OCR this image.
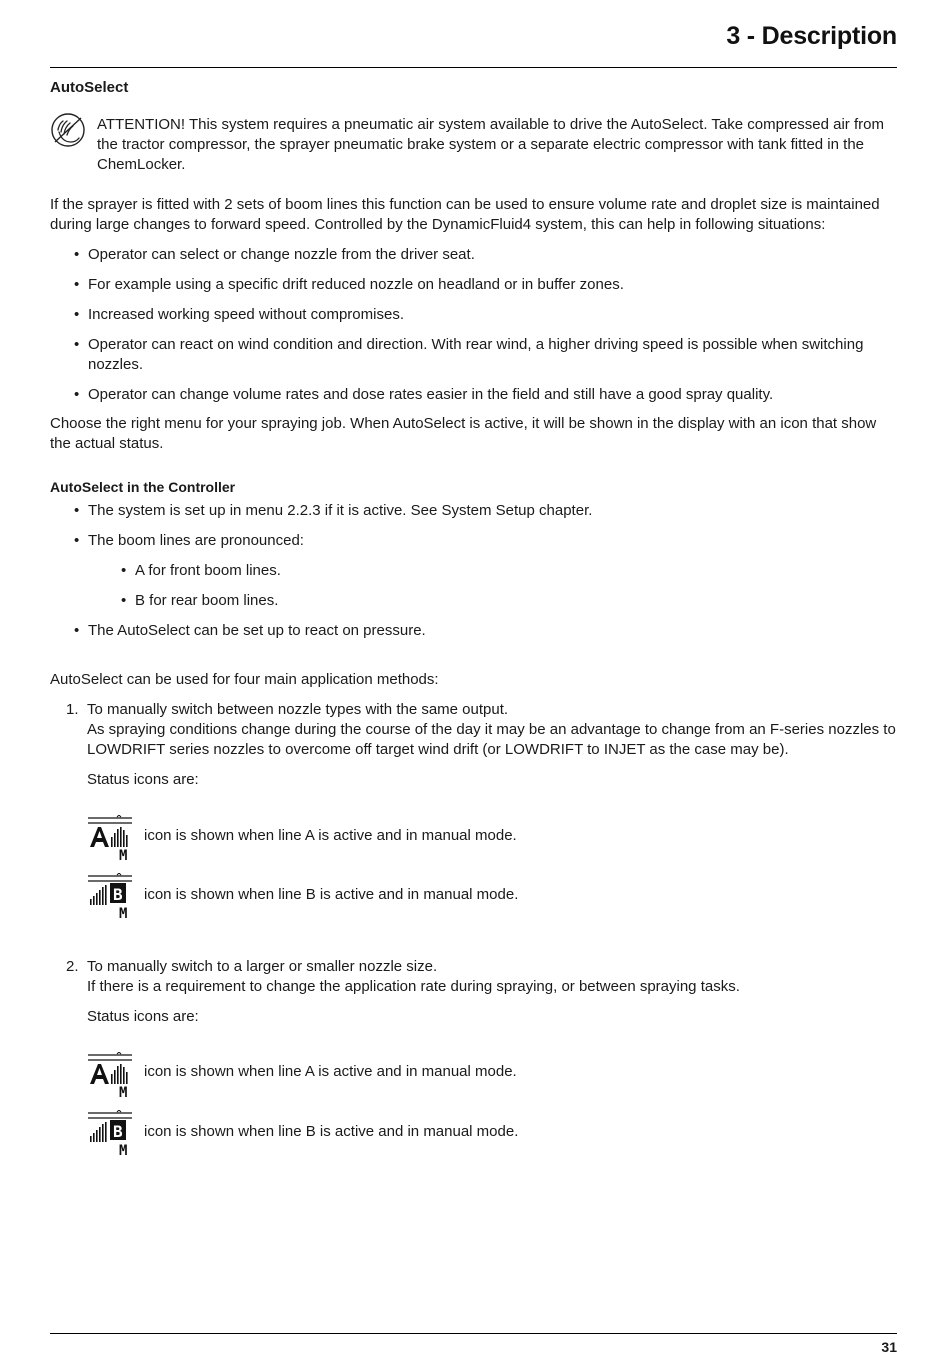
3 - Description
AutoSelect
ATTENTION! This system requires a pneumatic air system available to drive the AutoSelect. Take compressed air from the tractor compressor, the sprayer pneumatic brake system or a separate electric compressor with tank fitted in the ChemLocker.
If the sprayer is fitted with 2 sets of boom lines this function can be used to ensure volume rate and droplet size is maintained during large changes to forward speed. Controlled by the DynamicFluid4 system, this can help in following situations:
• Operator can select or change nozzle from the driver seat.
• For example using a specific drift reduced nozzle on headland or in buffer zones.
• Increased working speed without compromises.
• Operator can react on wind condition and direction. With rear wind, a higher driving speed is possible when switching nozzles.
• Operator can change volume rates and dose rates easier in the field and still have a good spray quality.
Choose the right menu for your spraying job. When AutoSelect is active, it will be shown in the display with an icon that show the actual status.
AutoSelect in the Controller
• The system is set up in menu 2.2.3 if it is active. See System Setup chapter.
• The boom lines are pronounced:
• A for front boom lines.
• B for rear boom lines.
• The AutoSelect can be set up to react on pressure.
AutoSelect can be used for four main application methods:
1. To manually switch between nozzle types with the same output.
As spraying conditions change during the course of the day it may be an advantage to change from an F-series nozzles to LOWDRIFT series nozzles to overcome off target wind drift (or LOWDRIFT to INJET as the case may be).
Status icons are:
M
icon is shown when line A is active and in manual mode.
B
M
icon is shown when line B is active and in manual mode.
2. To manually switch to a larger or smaller nozzle size.
If there is a requirement to change the application rate during spraying, or between spraying tasks.
Status icons are:
M
icon is shown when line A is active and in manual mode.
B
M
icon is shown when line B is active and in manual mode.
31
